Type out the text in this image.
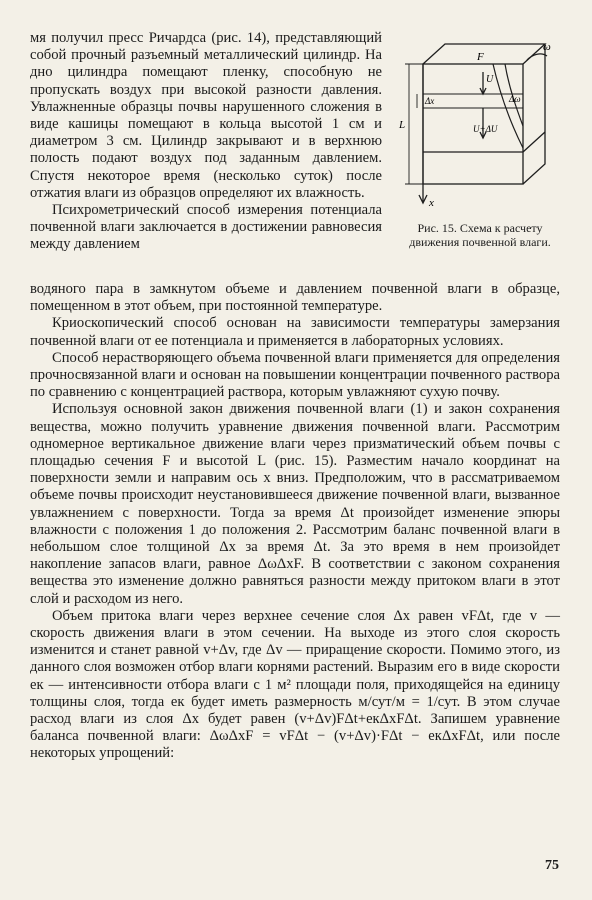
мя получил пресс Ричардса (рис. 14), представляющий собой прочный разъемный металлический цилиндр. На дно цилиндра помещают пленку, способную не пропускать воздух при высокой разности давления. Увлажненные образцы почвы нарушенного сложения в виде кашицы помещают в кольца высотой 1 см и диаметром 3 см. Цилиндр закрывают и в верхнюю полость подают воздух под заданным давлением. Спустя некоторое время (несколько суток) после отжатия влаги из образцов определяют их влажность.

Психрометрический способ измерения потенциала почвенной влаги заключается в достижении равновесия между давлением

F
ω
L
Δx
U
Δω
U+ΔU
x

Рис. 15. Схема к расчету движения почвенной влаги.

водяного пара в замкнутом объеме и давлением почвенной влаги в образце, помещенном в этот объем, при постоянной температуре.

Криоскопический способ основан на зависимости температуры замерзания почвенной влаги от ее потенциала и применяется в лабораторных условиях.

Способ нерастворяющего объема почвенной влаги применяется для определения прочносвязанной влаги и основан на повышении концентрации почвенного раствора по сравнению с концентрацией раствора, которым увлажняют сухую почву.

Используя основной закон движения почвенной влаги (1) и закон сохранения вещества, можно получить уравнение движения почвенной влаги. Рассмотрим одномерное вертикальное движение влаги через призматический объем почвы с площадью сечения F и высотой L (рис. 15). Разместим начало координат на поверхности земли и направим ось x вниз. Предположим, что в рассматриваемом объеме почвы происходит неустановившееся движение почвенной влаги, вызванное увлажнением с поверхности. Тогда за время Δt произойдет изменение эпюры влажности с положения 1 до положения 2. Рассмотрим баланс почвенной влаги в небольшом слое толщиной Δx за время Δt. За это время в нем произойдет накопление запасов влаги, равное ΔωΔxF. В соответствии с законом сохранения вещества это изменение должно равняться разности между притоком влаги в этот слой и расходом из него.

Объем притока влаги через верхнее сечение слоя Δx равен vFΔt, где v — скорость движения влаги в этом сечении. На выходе из этого слоя скорость изменится и станет равной v+Δv, где Δv — приращение скорости. Помимо этого, из данного слоя возможен отбор влаги корнями растений. Выразим его в виде скорости eк — интенсивности отбора влаги с 1 м² площади поля, приходящейся на единицу толщины слоя, тогда eк будет иметь размерность м/сут/м = 1/сут. В этом случае расход влаги из слоя Δx будет равен (v+Δv)FΔt+eкΔxFΔt. Запишем уравнение баланса почвенной влаги: ΔωΔxF = vFΔt − (v+Δv)·FΔt − eкΔxFΔt, или после некоторых упрощений:

75
